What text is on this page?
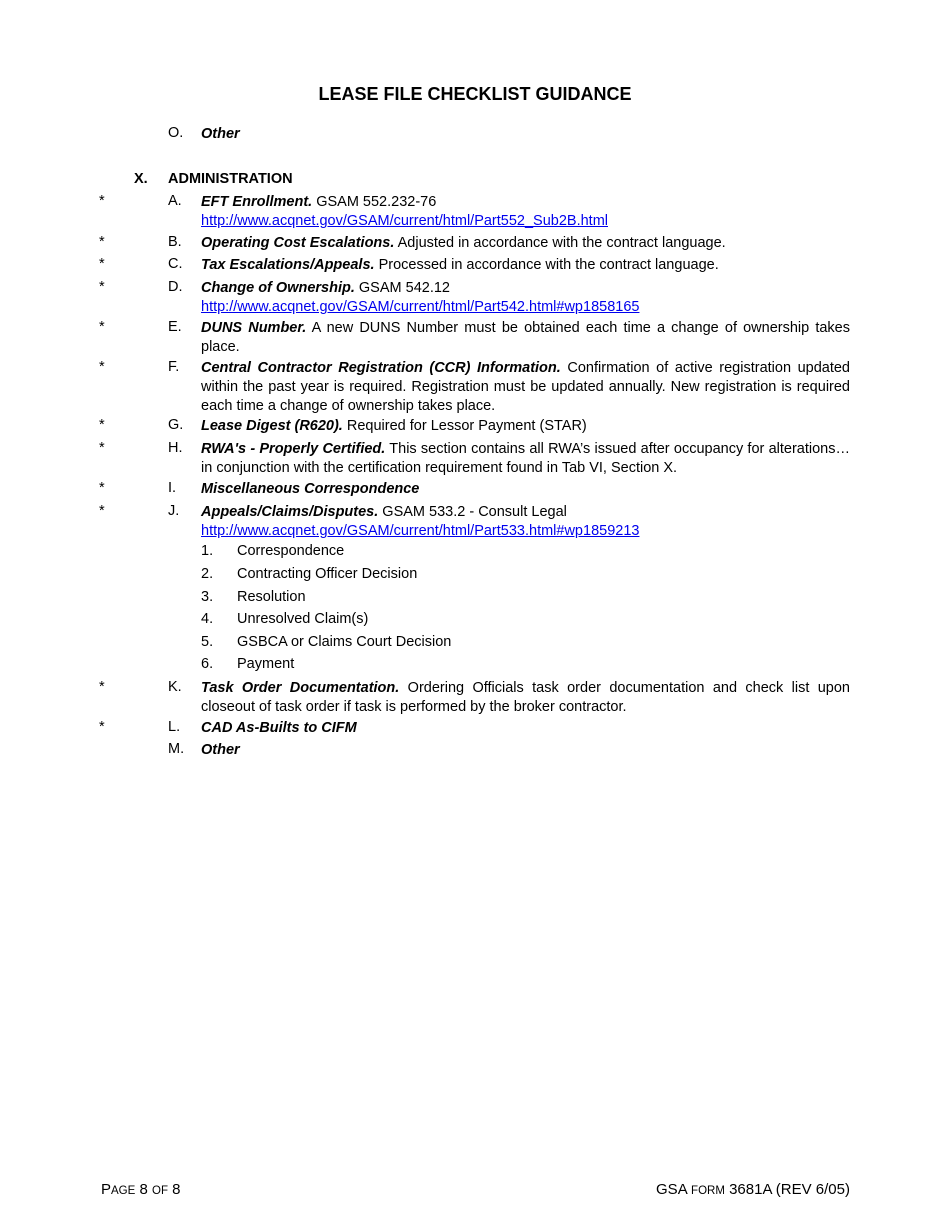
LEASE FILE CHECKLIST GUIDANCE
O. Other
X. ADMINISTRATION
*	A. EFT Enrollment. GSAM 552.232-76
http://www.acqnet.gov/GSAM/current/html/Part552_Sub2B.html
*	B. Operating Cost Escalations. Adjusted in accordance with the contract language.
*	C. Tax Escalations/Appeals. Processed in accordance with the contract language.
*	D. Change of Ownership. GSAM 542.12
http://www.acqnet.gov/GSAM/current/html/Part542.html#wp1858165
*	E. DUNS Number. A new DUNS Number must be obtained each time a change of ownership takes place.
*	F. Central Contractor Registration (CCR) Information. Confirmation of active registration updated within the past year is required. Registration must be updated annually. New registration is required each time a change of ownership takes place.
*	G. Lease Digest (R620). Required for Lessor Payment (STAR)
*	H. RWA's - Properly Certified. This section contains all RWA’s issued after occupancy for alterations… in conjunction with the certification requirement found in Tab VI, Section X.
*	I. Miscellaneous Correspondence
*	J. Appeals/Claims/Disputes. GSAM 533.2 - Consult Legal
http://www.acqnet.gov/GSAM/current/html/Part533.html#wp1859213
1. Correspondence
2. Contracting Officer Decision
3. Resolution
4. Unresolved Claim(s)
5. GSBCA or Claims Court Decision
6. Payment
*	K. Task Order Documentation. Ordering Officials task order documentation and check list upon closeout of task order if task is performed by the broker contractor.
*	L. CAD As-Builts to CIFM
M. Other
PAGE 8 OF 8	GSA FORM 3681A (REV 6/05)
